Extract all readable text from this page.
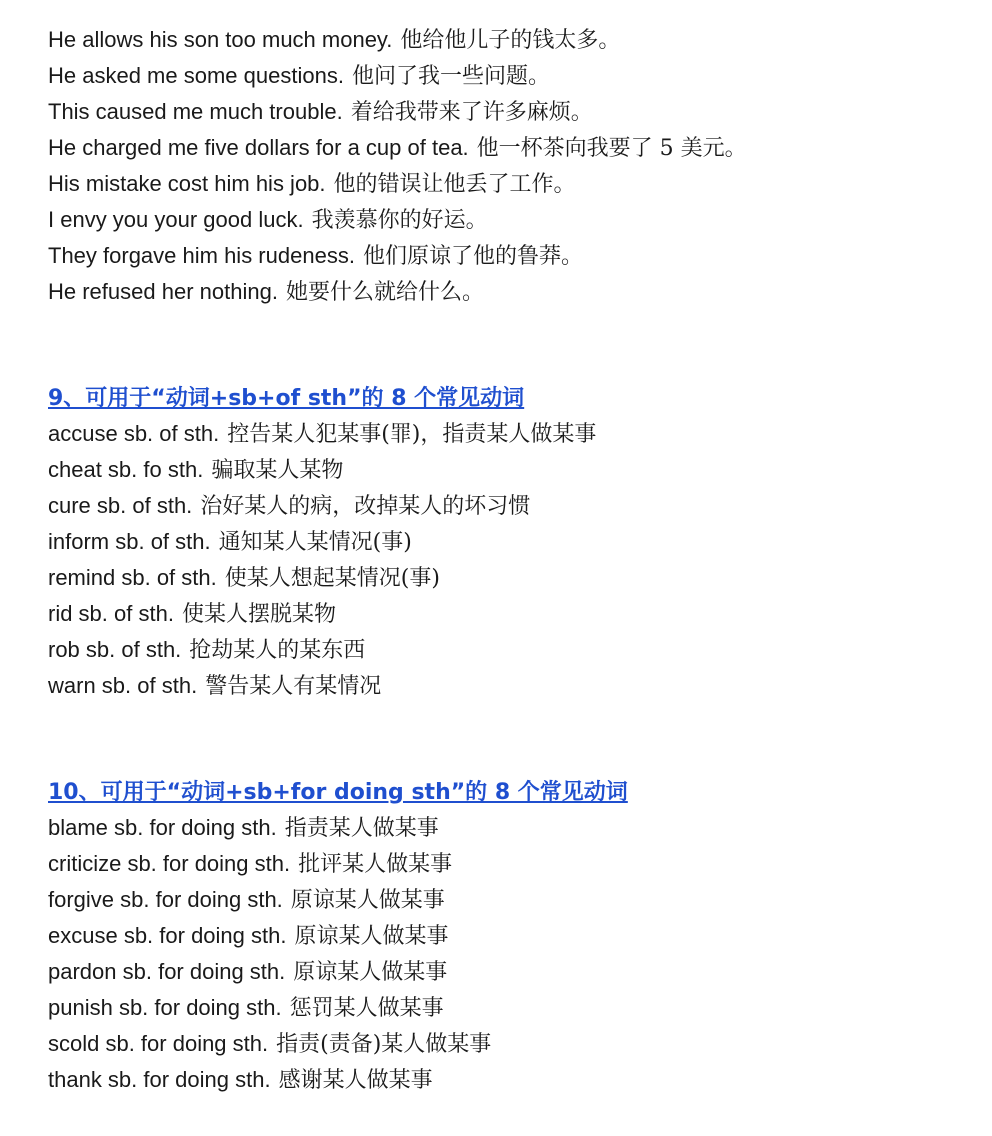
He allows his son too much money. 他给他儿子的钱太多。
He asked me some questions. 他问了我一些问题。
This caused me much trouble. 着给我带来了许多麻烦。
He charged me five dollars for a cup of tea. 他一杯茶向我要了 5 美元。
His mistake cost him his job. 他的错误让他丢了工作。
I envy you your good luck. 我羡慕你的好运。
They forgave him his rudeness. 他们原谅了他的鲁莽。
He refused her nothing. 她要什么就给什么。
9、可用于“动词+sb+of sth”的 8 个常见动词
accuse sb. of sth. 控告某人犯某事(罪)，指责某人做某事
cheat sb. fo sth. 骗取某人某物
cure sb. of sth. 治好某人的病，改掉某人的坏习惯
inform sb. of sth. 通知某人某情况(事)
remind sb. of sth. 使某人想起某情况(事)
rid sb. of sth. 使某人摆脱某物
rob sb. of sth. 抢劫某人的某东西
warn sb. of sth. 警告某人有某情况
10、可用于“动词+sb+for doing sth”的 8 个常见动词
blame sb. for doing sth. 指责某人做某事
criticize sb. for doing sth. 批评某人做某事
forgive sb. for doing sth. 原谅某人做某事
excuse sb. for doing sth. 原谅某人做某事
pardon sb. for doing sth. 原谅某人做某事
punish sb. for doing sth. 惩罚某人做某事
scold sb. for doing sth. 指责(责备)某人做某事
thank sb. for doing sth. 感谢某人做某事
